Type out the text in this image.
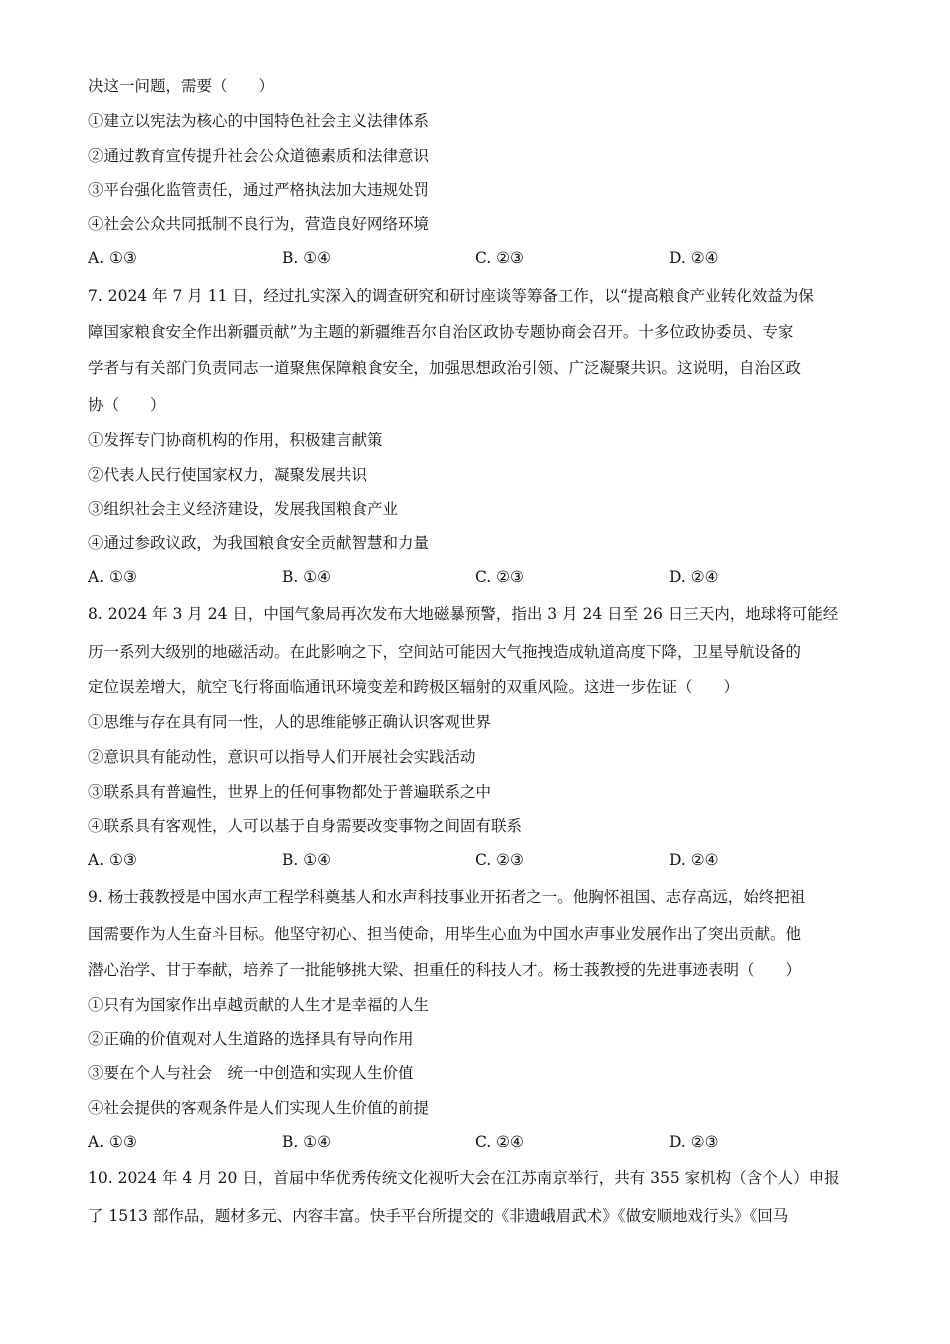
决这一问题，需要（　　）
①建立以宪法为核心的中国特色社会主义法律体系
②通过教育宣传提升社会公众道德素质和法律意识
③平台强化监管责任，通过严格执法加大违规处罚
④社会公众共同抵制不良行为，营造良好网络环境
A. ①③	B. ①④	C. ②③	D. ②④
7. 2024 年 7 月 11 日，经过扎实深入的调查研究和研讨座谈等筹备工作，以“提高粮食产业转化效益为保
障国家粮食安全作出新疆贡献”为主题的新疆维吾尔自治区政协专题协商会召开。十多位政协委员、专家
学者与有关部门负责同志一道聚焦保障粮食安全，加强思想政治引领、广泛凝聚共识。这说明，自治区政
协（　　）
①发挥专门协商机构的作用，积极建言献策
②代表人民行使国家权力，凝聚发展共识
③组织社会主义经济建设，发展我国粮食产业
④通过参政议政，为我国粮食安全贡献智慧和力量
A. ①③	B. ①④	C. ②③	D. ②④
8. 2024 年 3 月 24 日，中国气象局再次发布大地磁暴预警，指出 3 月 24 日至 26 日三天内，地球将可能经
历一系列大级别的地磁活动。在此影响之下，空间站可能因大气拖拽造成轨道高度下降，卫星导航设备的
定位误差增大，航空飞行将面临通讯环境变差和跨极区辐射的双重风险。这进一步佐证（　　）
①思维与存在具有同一性，人的思维能够正确认识客观世界
②意识具有能动性，意识可以指导人们开展社会实践活动
③联系具有普遍性，世界上的任何事物都处于普遍联系之中
④联系具有客观性，人可以基于自身需要改变事物之间固有联系
A. ①③	B. ①④	C. ②③	D. ②④
9. 杨士莪教授是中国水声工程学科奠基人和水声科技事业开拓者之一。他胸怀祖国、志存高远，始终把祖
国需要作为人生奋斗目标。他坚守初心、担当使命，用毕生心血为中国水声事业发展作出了突出贡献。他
潜心治学、甘于奉献，培养了一批能够挑大梁、担重任的科技人才。杨士莪教授的先进事迹表明（　　）
①只有为国家作出卓越贡献的人生才是幸福的人生
②正确的价值观对人生道路的选择具有导向作用
③要在个人与社会　统一中创造和实现人生价值
④社会提供的客观条件是人们实现人生价值的前提
A. ①③	B. ①④	C. ②④	D. ②③
10. 2024 年 4 月 20 日，首届中华优秀传统文化视听大会在江苏南京举行，共有 355 家机构（含个人）申报
了 1513 部作品，题材多元、内容丰富。快手平台所提交的《非遗峨眉武术》《做安顺地戏行头》《回马
